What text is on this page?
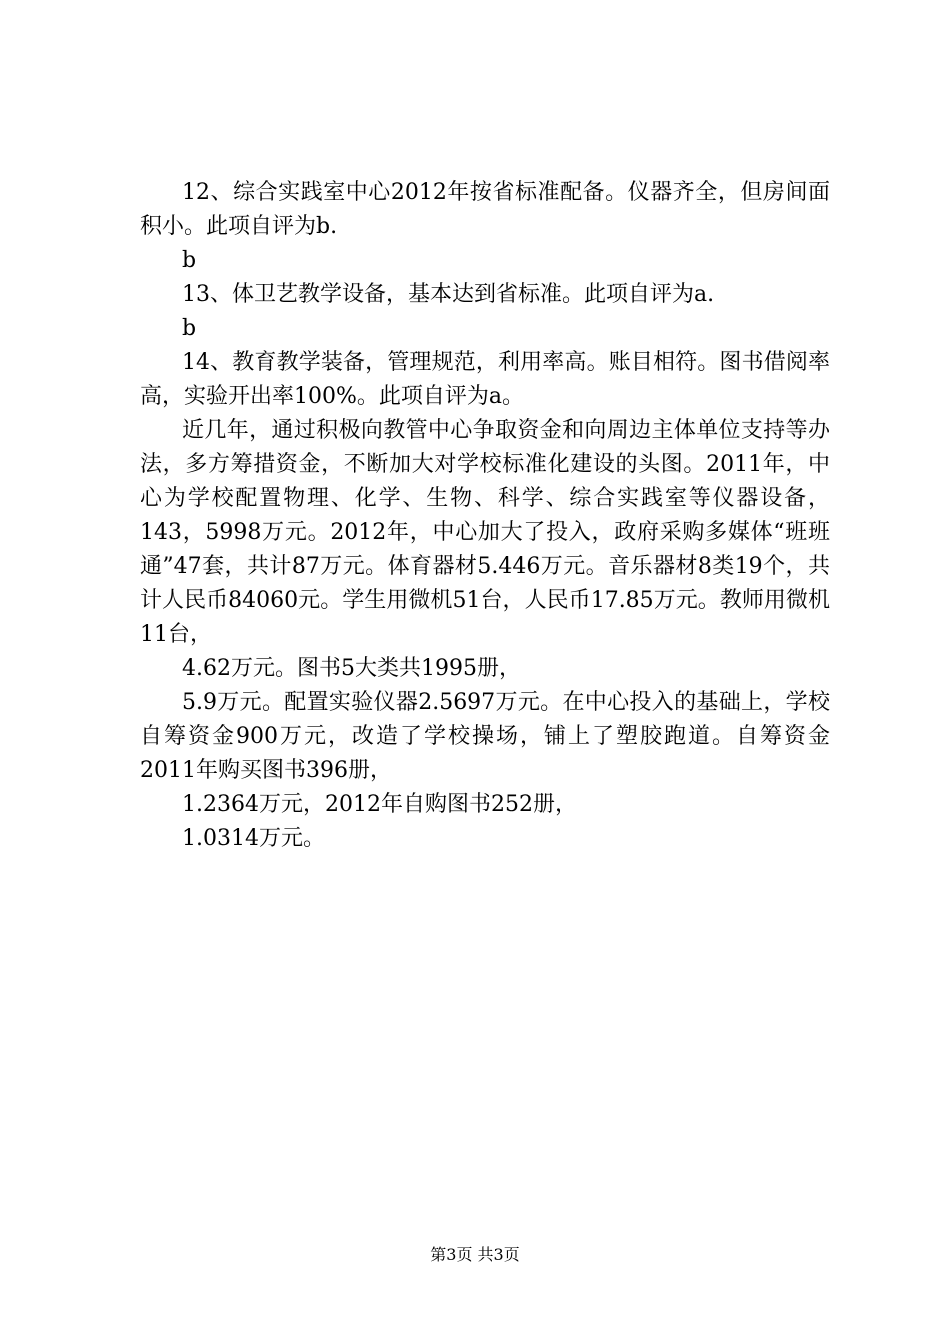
12、综合实践室中心2012年按省标准配备。仪器齐全，但房间面积小。此项自评为b.

b

13、体卫艺教学设备，基本达到省标准。此项自评为a.

b

14、教育教学装备，管理规范，利用率高。账目相符。图书借阅率高，实验开出率100%。此项自评为a。

近几年，通过积极向教管中心争取资金和向周边主体单位支持等办法，多方筹措资金，不断加大对学校标准化建设的头图。2011年，中心为学校配置物理、化学、生物、科学、综合实践室等仪器设备，143，5998万元。2012年，中心加大了投入，政府采购多媒体“班班通”47套，共计87万元。体育器材5.446万元。音乐器材8类19个，共计人民币84060元。学生用微机51台，人民币17.85万元。教师用微机11台，

4.62万元。图书5大类共1995册，

5.9万元。配置实验仪器2.5697万元。在中心投入的基础上，学校自筹资金900万元，改造了学校操场，铺上了塑胶跑道。自筹资金2011年购买图书396册，

1.2364万元，2012年自购图书252册，

1.0314万元。

第3页 共3页
